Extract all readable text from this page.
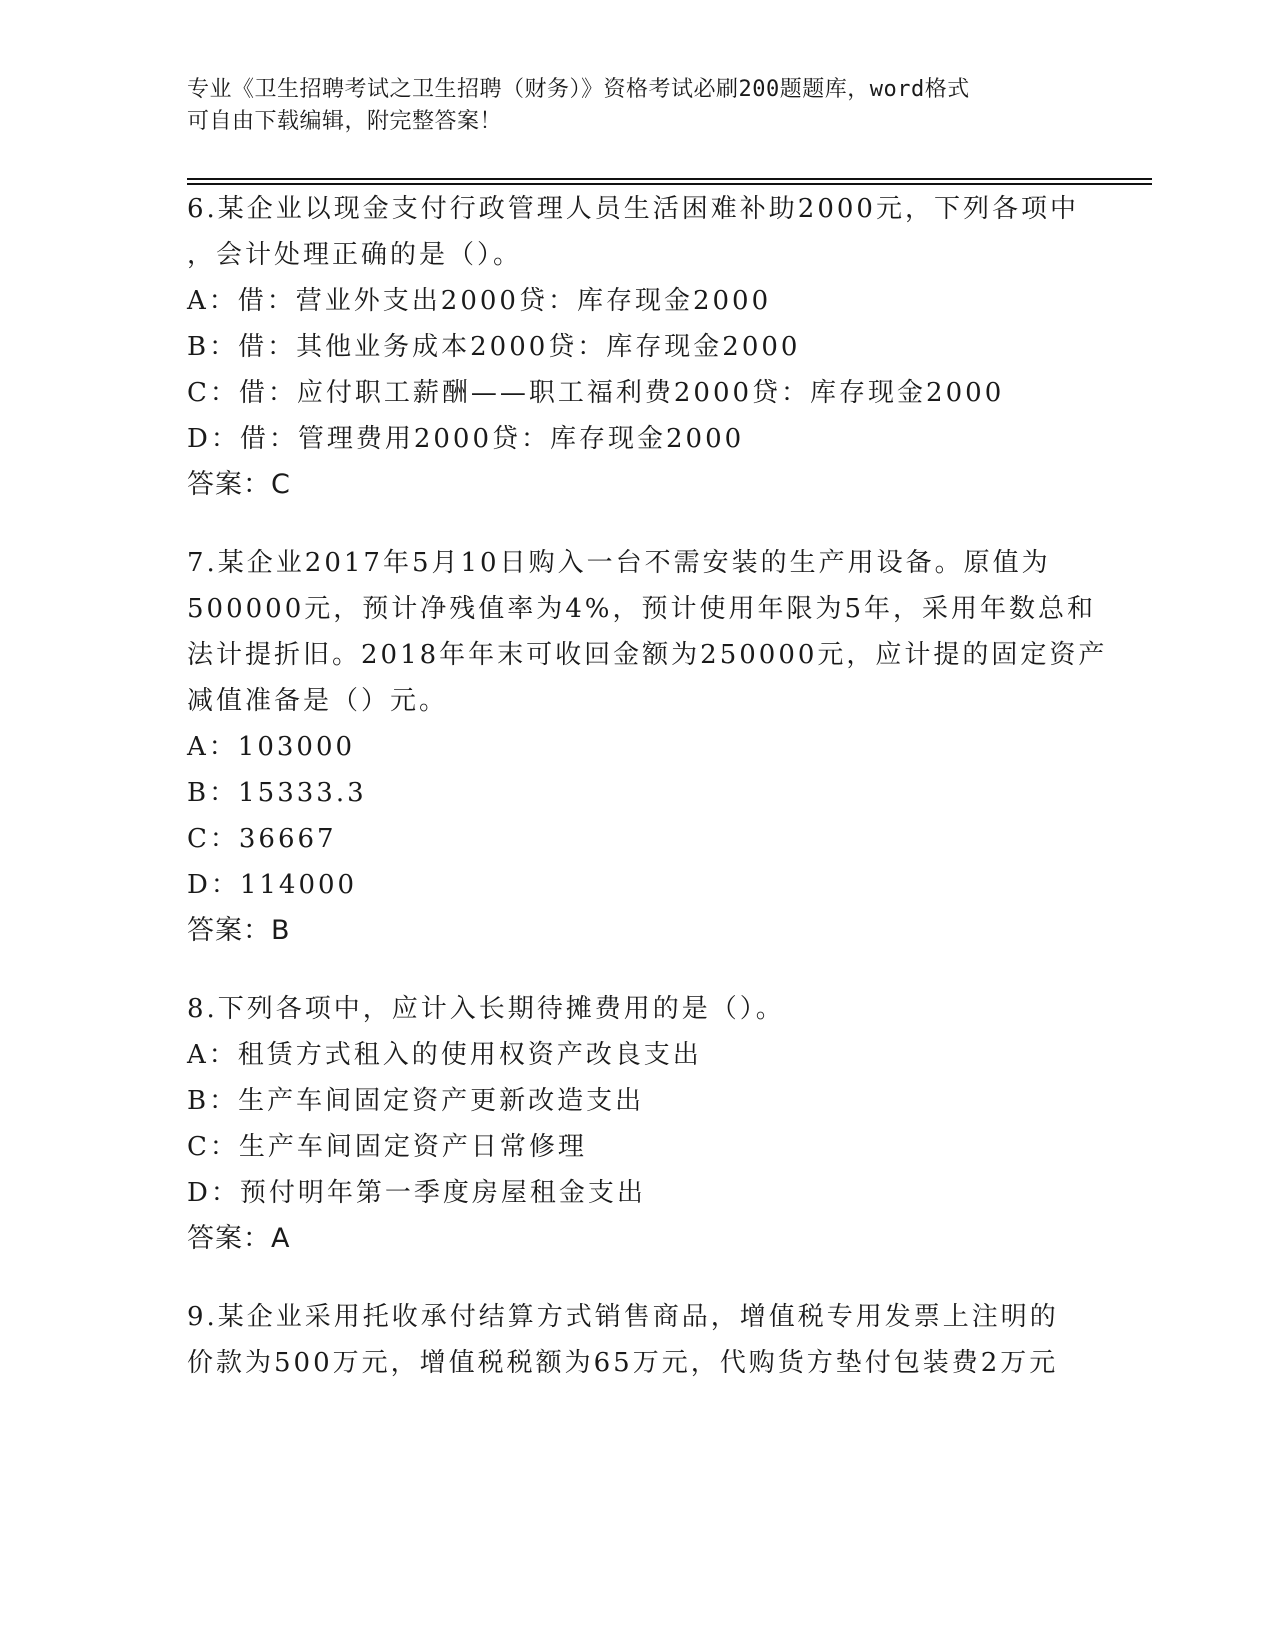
专业《卫生招聘考试之卫生招聘（财务）》资格考试必刷200题题库，word格式
可自由下载编辑，附完整答案！
6.某企业以现金支付行政管理人员生活困难补助2000元，下列各项中
，会计处理正确的是（）。
A：借：营业外支出2000贷：库存现金2000
B：借：其他业务成本2000贷：库存现金2000
C：借：应付职工薪酬——职工福利费2000贷：库存现金2000
D：借：管理费用2000贷：库存现金2000
答案：C
7.某企业2017年5月10日购入一台不需安装的生产用设备。原值为
500000元，预计净残值率为4%，预计使用年限为5年，采用年数总和
法计提折旧。2018年年末可收回金额为250000元，应计提的固定资产
减值准备是（）元。
A：103000
B：15333.3
C：36667
D：114000
答案：B
8.下列各项中，应计入长期待摊费用的是（）。
A：租赁方式租入的使用权资产改良支出
B：生产车间固定资产更新改造支出
C：生产车间固定资产日常修理
D：预付明年第一季度房屋租金支出
答案：A
9.某企业采用托收承付结算方式销售商品，增值税专用发票上注明的
价款为500万元，增值税税额为65万元，代购货方垫付包装费2万元
